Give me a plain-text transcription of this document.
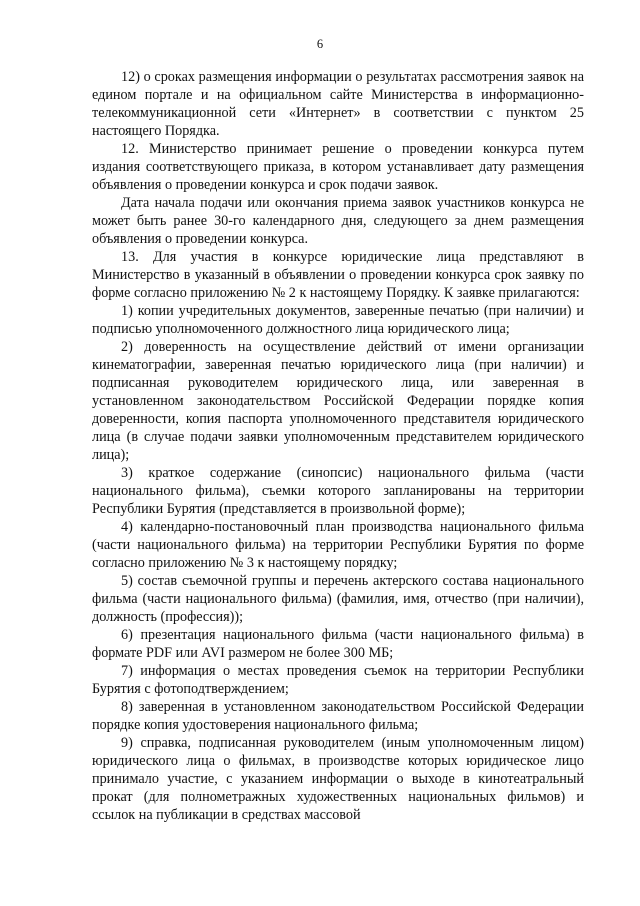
6

12) о сроках размещения информации о результатах рассмотрения заявок на едином портале и на официальном сайте Министерства в информационно-телекоммуникационной сети «Интернет» в соответствии с пунктом 25 настоящего Порядка.

12. Министерство принимает решение о проведении конкурса путем издания соответствующего приказа, в котором устанавливает дату размещения объявления о проведении конкурса и срок подачи заявок.

Дата начала подачи или окончания приема заявок участников конкурса не может быть ранее 30-го календарного дня, следующего за днем размещения объявления о проведении конкурса.

13. Для участия в конкурсе юридические лица представляют в Министерство в указанный в объявлении о проведении конкурса срок заявку по форме согласно приложению № 2 к настоящему Порядку. К заявке прилагаются:

1) копии учредительных документов, заверенные печатью (при наличии) и подписью уполномоченного должностного лица юридического лица;

2) доверенность на осуществление действий от имени организации кинематографии, заверенная печатью юридического лица (при наличии) и подписанная руководителем юридического лица, или заверенная в установленном законодательством Российской Федерации порядке копия доверенности, копия паспорта уполномоченного представителя юридического лица (в случае подачи заявки уполномоченным представителем юридического лица);

3) краткое содержание (синопсис) национального фильма (части национального фильма), съемки которого запланированы на территории Республики Бурятия (представляется в произвольной форме);

4) календарно-постановочный план производства национального фильма (части национального фильма) на территории Республики Бурятия по форме согласно приложению № 3 к настоящему порядку;

5) состав съемочной группы и перечень актерского состава национального фильма (части национального фильма) (фамилия, имя, отчество (при наличии), должность (профессия));

6) презентация национального фильма (части национального фильма) в формате PDF или AVI размером не более 300 МБ;

7) информация о местах проведения съемок на территории Республики Бурятия с фотоподтверждением;

8) заверенная в установленном законодательством Российской Федерации порядке копия удостоверения национального фильма;

9) справка, подписанная руководителем (иным уполномоченным лицом) юридического лица о фильмах, в производстве которых юридическое лицо принимало участие, с указанием информации о выходе в кинотеатральный прокат (для полнометражных художественных национальных фильмов) и ссылок на публикации в средствах массовой
